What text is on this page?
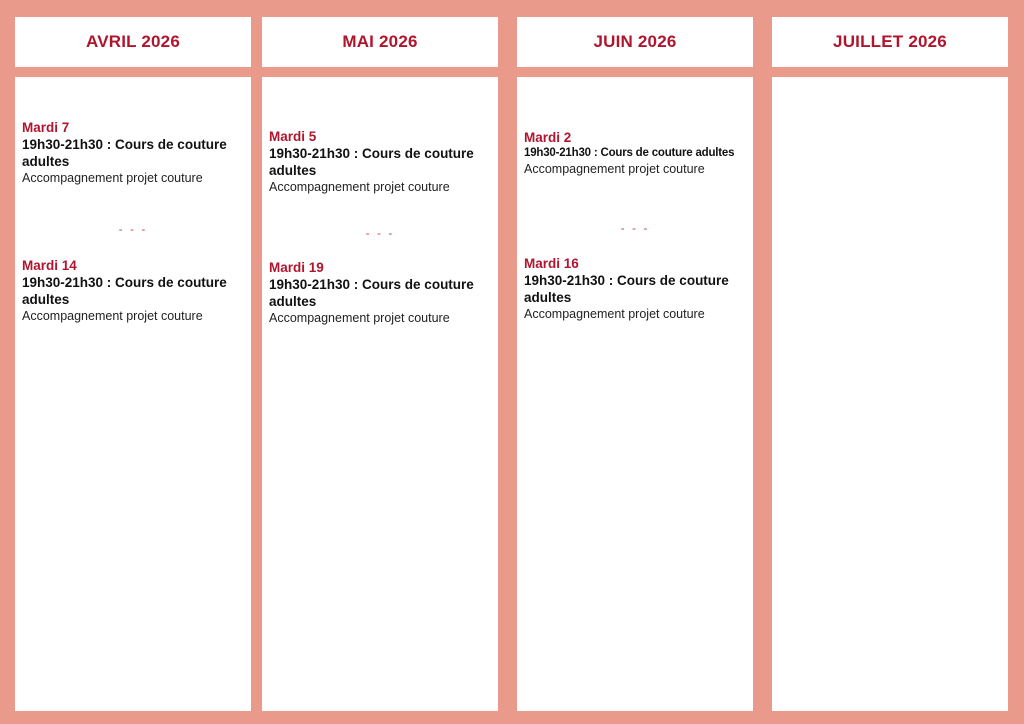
AVRIL 2026
Mardi 7
19h30-21h30 : Cours de couture adultes
Accompagnement projet couture
- - -
Mardi 14
19h30-21h30 : Cours de couture adultes
Accompagnement projet couture
MAI 2026
Mardi 5
19h30-21h30 : Cours de couture adultes
Accompagnement projet couture
- - -
Mardi 19
19h30-21h30 : Cours de couture adultes
Accompagnement projet couture
JUIN 2026
Mardi 2
19h30-21h30 : Cours de couture adultes
Accompagnement projet couture
- - -
Mardi 16
19h30-21h30 : Cours de couture adultes
Accompagnement projet couture
JUILLET 2026
